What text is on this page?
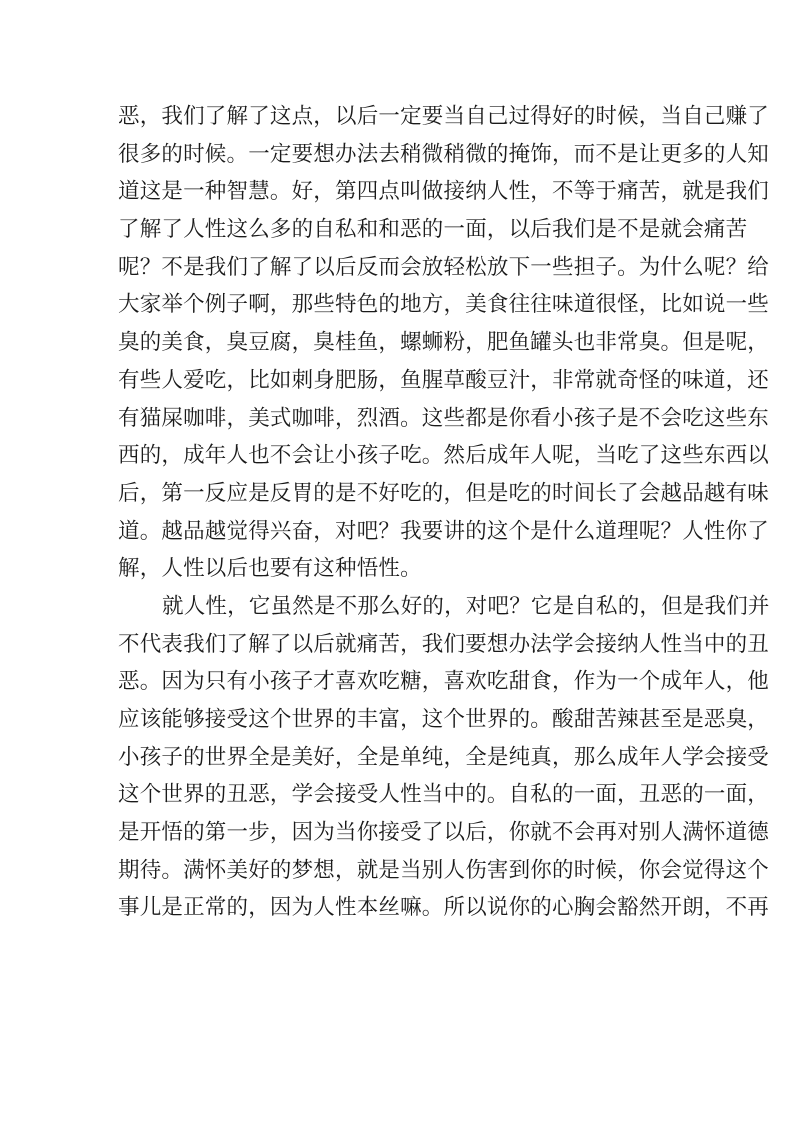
恶，我们了解了这点，以后一定要当自己过得好的时候，当自己赚了
很多的时候。一定要想办法去稍微稍微的掩饰，而不是让更多的人知
道这是一种智慧。好，第四点叫做接纳人性，不等于痛苦，就是我们
了解了人性这么多的自私和和恶的一面，以后我们是不是就会痛苦
呢？不是我们了解了以后反而会放轻松放下一些担子。为什么呢？给
大家举个例子啊，那些特色的地方，美食往往味道很怪，比如说一些
臭的美食，臭豆腐，臭桂鱼，螺蛳粉，肥鱼罐头也非常臭。但是呢，
有些人爱吃，比如刺身肥肠，鱼腥草酸豆汁，非常就奇怪的味道，还
有猫屎咖啡，美式咖啡，烈酒。这些都是你看小孩子是不会吃这些东
西的，成年人也不会让小孩子吃。然后成年人呢，当吃了这些东西以
后，第一反应是反胃的是不好吃的，但是吃的时间长了会越品越有味
道。越品越觉得兴奋，对吧？我要讲的这个是什么道理呢？人性你了
解，人性以后也要有这种悟性。
就人性，它虽然是不那么好的，对吧？它是自私的，但是我们并
不代表我们了解了以后就痛苦，我们要想办法学会接纳人性当中的丑
恶。因为只有小孩子才喜欢吃糖，喜欢吃甜食，作为一个成年人，他
应该能够接受这个世界的丰富，这个世界的。酸甜苦辣甚至是恶臭，
小孩子的世界全是美好，全是单纯，全是纯真，那么成年人学会接受
这个世界的丑恶，学会接受人性当中的。自私的一面，丑恶的一面，
是开悟的第一步，因为当你接受了以后，你就不会再对别人满怀道德
期待。满怀美好的梦想，就是当别人伤害到你的时候，你会觉得这个
事儿是正常的，因为人性本丝嘛。所以说你的心胸会豁然开朗，不再
